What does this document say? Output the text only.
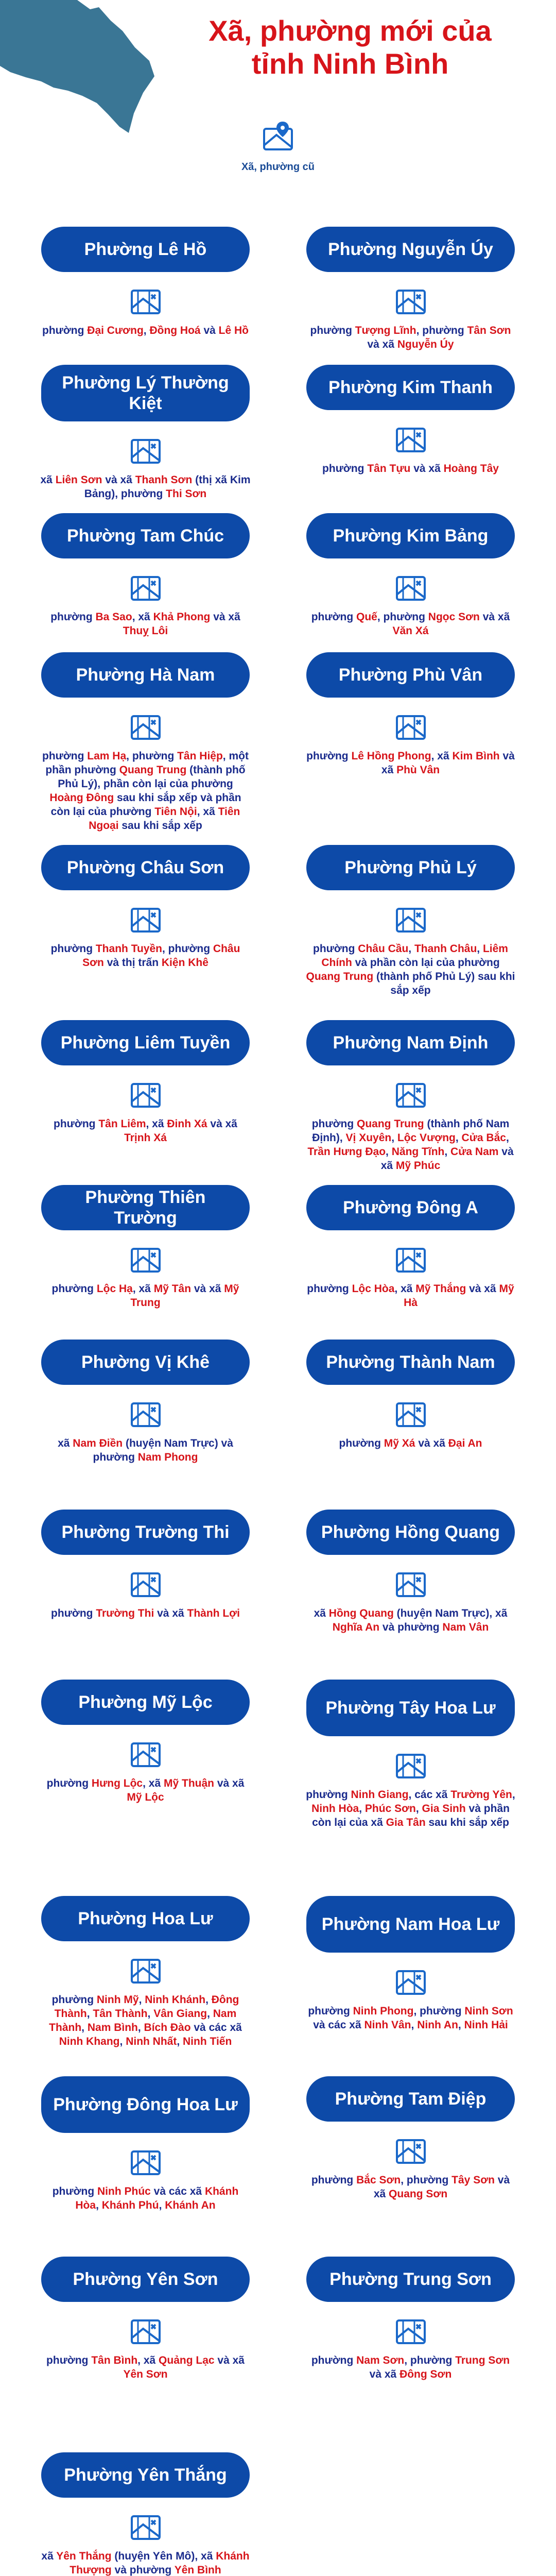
Xã, phường mới của
tỉnh Ninh Bình
Xã, phường cũ
Phường Lê Hồ
phường Đại Cương, Đồng Hoá và Lê Hồ
Phường Nguyễn Úy
phường Tượng Lĩnh, phường Tân Sơn và xã Nguyễn Úy
Phường Lý Thường Kiệt
xã Liên Sơn và xã Thanh Sơn (thị xã Kim Bảng), phường Thi Sơn
Phường Kim Thanh
phường Tân Tựu và xã Hoàng Tây
Phường Tam Chúc
phường Ba Sao, xã Khả Phong và xã Thuỵ Lôi
Phường Kim Bảng
phường Quế, phường Ngọc Sơn và xã Văn Xá
Phường Hà Nam
phường Lam Hạ, phường Tân Hiệp, một phần phường Quang Trung (thành phố Phủ Lý), phần còn lại của phường Hoàng Đông sau khi sắp xếp và phần còn lại của phường Tiên Nội, xã Tiên Ngoại sau khi sắp xếp
Phường Phù Vân
phường Lê Hồng Phong, xã Kim Bình và xã Phù Vân
Phường Châu Sơn
phường Thanh Tuyền, phường Châu Sơn và thị trấn Kiện Khê
Phường Phủ Lý
phường Châu Cầu, Thanh Châu, Liêm Chính và phần còn lại của phường Quang Trung (thành phố Phủ Lý) sau khi sắp xếp
Phường Liêm Tuyền
phường Tân Liêm, xã Đinh Xá và xã Trịnh Xá
Phường Nam Định
phường Quang Trung (thành phố Nam Định), Vị Xuyên, Lộc Vượng, Cửa Bắc, Trần Hưng Đạo, Năng Tĩnh, Cửa Nam và xã Mỹ Phúc
Phường Thiên Trường
phường Lộc Hạ, xã Mỹ Tân và xã Mỹ Trung
Phường Đông A
phường Lộc Hòa, xã Mỹ Thắng và xã Mỹ Hà
Phường Vị Khê
xã Nam Điền (huyện Nam Trực) và phường Nam Phong
Phường Thành Nam
phường Mỹ Xá và xã Đại An
Phường Trường Thi
phường Trường Thi và xã Thành Lợi
Phường Hồng Quang
xã Hồng Quang (huyện Nam Trực), xã Nghĩa An và phường Nam Vân
Phường Mỹ Lộc
phường Hưng Lộc, xã Mỹ Thuận và xã Mỹ Lộc
Phường Tây Hoa Lư
phường Ninh Giang, các xã Trường Yên, Ninh Hòa, Phúc Sơn, Gia Sinh và phần còn lại của xã Gia Tân sau khi sắp xếp
Phường Hoa Lư
phường Ninh Mỹ, Ninh Khánh, Đông Thành, Tân Thành, Vân Giang, Nam Thành, Nam Bình, Bích Đào và các xã Ninh Khang, Ninh Nhất, Ninh Tiến
Phường Nam Hoa Lư
phường Ninh Phong, phường Ninh Sơn và các xã Ninh Vân, Ninh An, Ninh Hải
Phường Đông Hoa Lư
phường Ninh Phúc và các xã Khánh Hòa, Khánh Phú, Khánh An
Phường Tam Điệp
phường Bắc Sơn, phường Tây Sơn và xã Quang Sơn
Phường Yên Sơn
phường Tân Bình, xã Quảng Lạc và xã Yên Sơn
Phường Trung Sơn
phường Nam Sơn, phường Trung Sơn và xã Đông Sơn
Phường Yên Thắng
xã Yên Thắng (huyện Yên Mô), xã Khánh Thượng và phường Yên Bình
